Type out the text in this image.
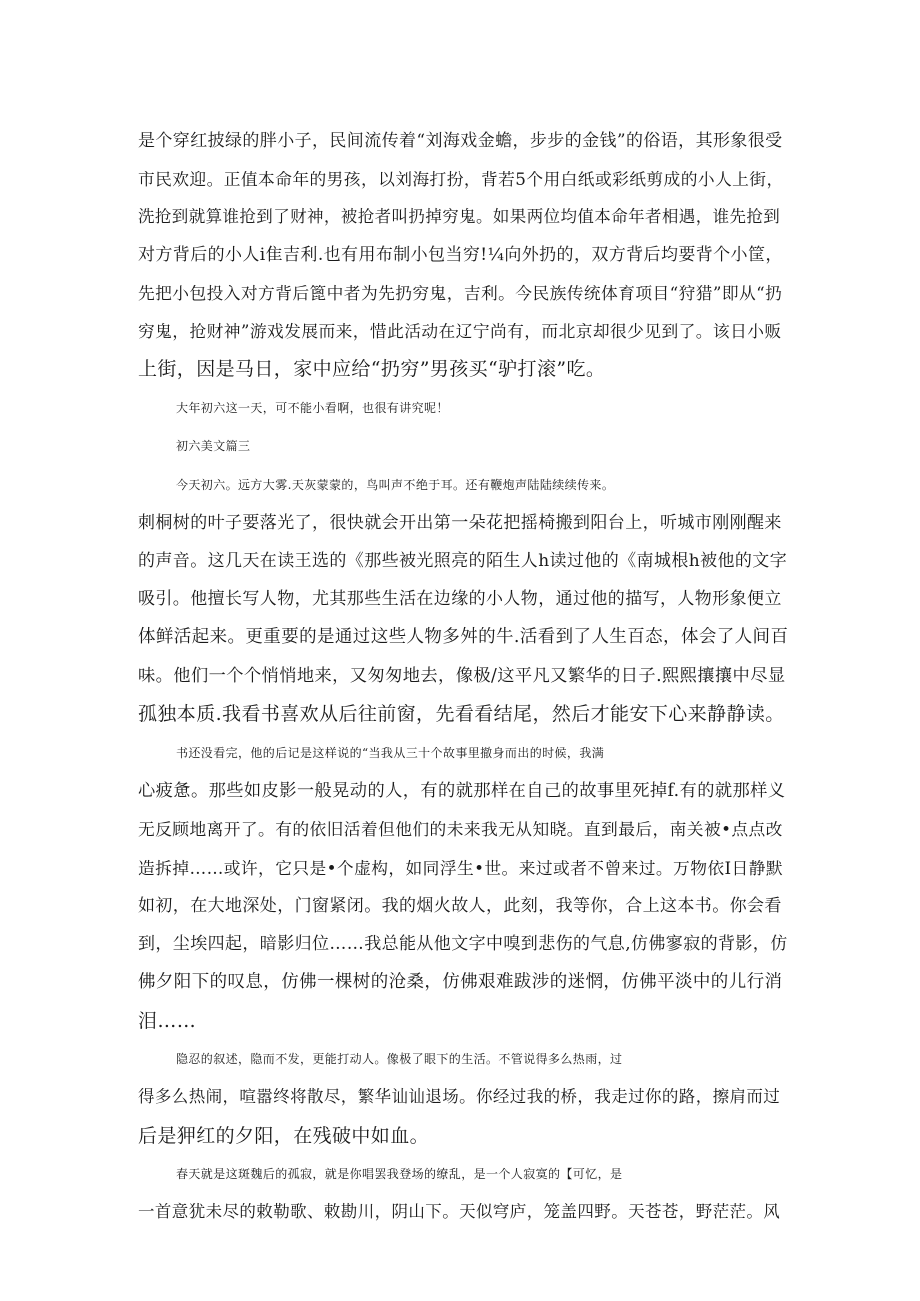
是个穿红披绿的胖小子，民间流传着“刘海戏金蟾，步步的金钱”的俗语，其形象很受
市民欢迎。正值本命年的男孩，以刘海打扮，背若5个用白纸或彩纸剪成的小人上街，
洗抢到就算谁抢到了财神，被抢者叫扔掉穷鬼。如果两位均值本命年者相遇，谁先抢到
对方背后的小人i隹吉利.也有用布制小包当穷!¼向外扔的，双方背后均要背个小筐，
先把小包投入对方背后篦中者为先扔穷鬼，吉利。今民族传统体育项目“狩猎”即从“扔
穷鬼，抢财神”游戏发展而来，惜此活动在辽宁尚有，而北京却很少见到了。该日小贩
上街，因是马日，家中应给“扔穷”男孩买“驴打滚”吃。
大年初六这一天，可不能小看啊，也很有讲究呢！
初六美文篇三
今天初六。远方大雾.天灰蒙蒙的，鸟叫声不绝于耳。还有鞭炮声陆陆续续传来。
刺桐树的叶子要落光了，很快就会开出第一朵花把摇椅搬到阳台上，听城市刚刚醒来
的声音。这几天在读王选的《那些被光照亮的陌生人h读过他的《南城根h被他的文字
吸引。他擅长写人物，尤其那些生活在边缘的小人物，通过他的描写，人物形象便立
体鲜活起来。更重要的是通过这些人物多舛的牛.活看到了人生百态，体会了人间百
味。他们一个个悄悄地来，又匆匆地去，像极/这平凡又繁华的日子.熙熙攘攘中尽显
孤独本质.我看书喜欢从后往前窗，先看看结尾，然后才能安下心来静静读。
书还没看完，他的后记是这样说的“当我从三十个故事里撤身而出的时候，我满
心疲惫。那些如皮影一般晃动的人，有的就那样在自己的故事里死掉f.有的就那样义
无反顾地离开了。有的依旧活着但他们的未来我无从知晓。直到最后，南关被•点点改
造拆掉……或许，它只是•个虚构，如同浮生•世。来过或者不曾来过。万物依I日静默
如初，在大地深处，门窗紧闭。我的烟火故人，此刻，我等你，合上这本书。你会看
到，尘埃四起，暗影归位……我总能从他文字中嗅到悲伤的气息,仿佛寥寂的背影，仿
佛夕阳下的叹息，仿佛一棵树的沧桑，仿佛艰难跋涉的迷惘，仿佛平淡中的儿行消
泪……
隐忍的叙述，隐而不发，更能打动人。像极了眼下的生活。不管说得多么热雨，过
得多么热闹，喧嚣终将散尽，繁华讪讪退场。你经过我的桥，我走过你的路，擦肩而过
后是狎红的夕阳，在残破中如血。
春天就是这斑魏后的孤寂，就是你唱罢我登场的缭乱，是一个人寂寞的【可忆，是
一首意犹未尽的敕勒歌、敕勘川，阴山下。天似穹庐，笼盖四野。天苍苍，野茫茫。风
